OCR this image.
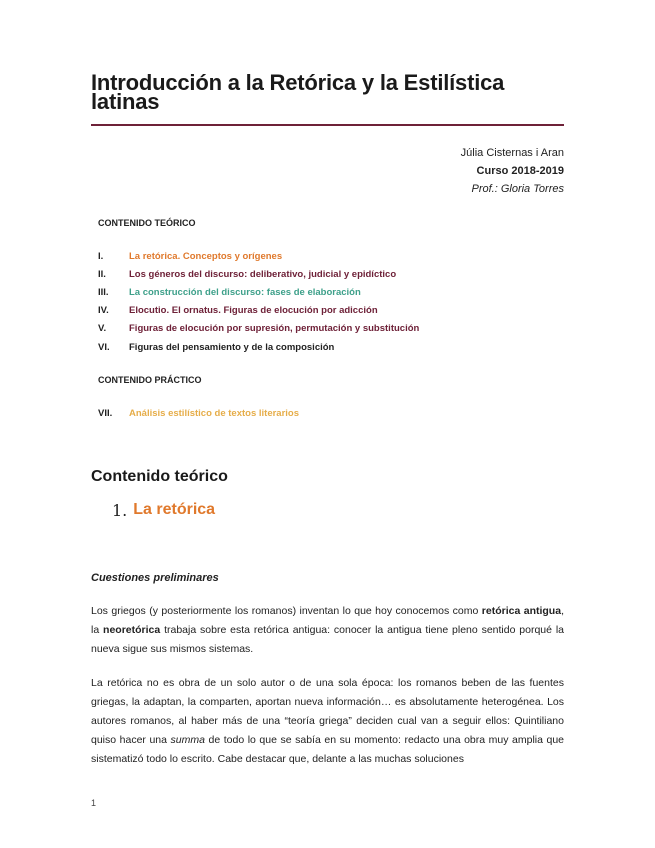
Introducción a la Retórica y la Estilística latinas
Júlia Cisternas i Aran
Curso 2018-2019
Prof.: Gloria Torres
CONTENIDO TEÓRICO
I.	La retórica. Conceptos y orígenes
II.	Los géneros del discurso: deliberativo, judicial y epidíctico
III.	La construcción del discurso: fases de elaboración
IV.	Elocutio. El ornatus. Figuras de elocución por adicción
V.	Figuras de elocución por supresión, permutación y substitución
VI.	Figuras del pensamiento y de la composición
CONTENIDO PRÁCTICO
VII.	Análisis estilístico de textos literarios
Contenido teórico
1. La retórica
Cuestiones preliminares

Los griegos (y posteriormente los romanos) inventan lo que hoy conocemos como retórica antigua, la neoretórica trabaja sobre esta retórica antigua: conocer la antigua tiene pleno sentido porqué la nueva sigue sus mismos sistemas.

La retórica no es obra de un solo autor o de una sola época: los romanos beben de las fuentes griegas, la adaptan, la comparten, aportan nueva información… es absolutamente heterogénea. Los autores romanos, al haber más de una “teoría griega” deciden cual van a seguir ellos: Quintiliano quiso hacer una summa de todo lo que se sabía en su momento: redacto una obra muy amplia que sistematizó todo lo escrito. Cabe destacar que, delante a las muchas soluciones

1
